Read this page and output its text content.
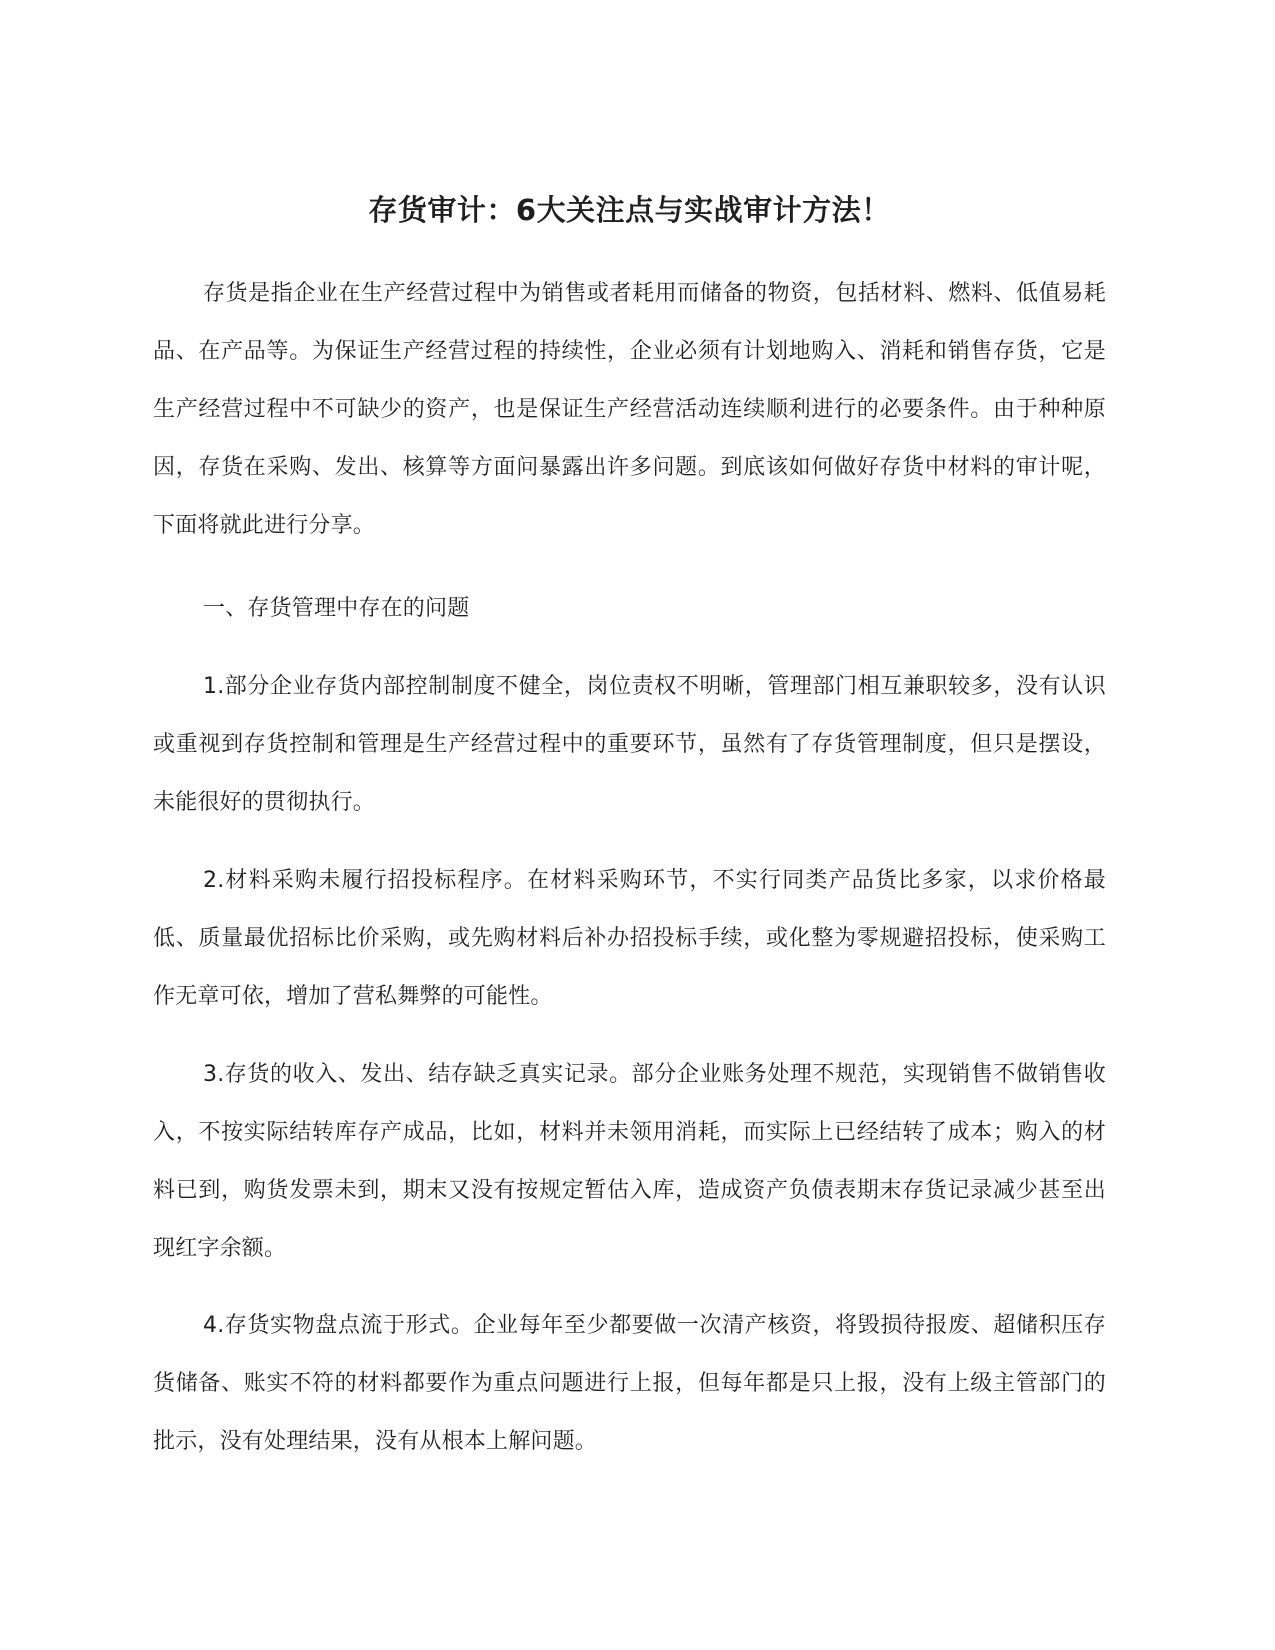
存货审计：6大关注点与实战审计方法！

存货是指企业在生产经营过程中为销售或者耗用而储备的物资，包括材料、燃料、低值易耗品、在产品等。为保证生产经营过程的持续性，企业必须有计划地购入、消耗和销售存货，它是生产经营过程中不可缺少的资产，也是保证生产经营活动连续顺利进行的必要条件。由于种种原因，存货在采购、发出、核算等方面问暴露出许多问题。到底该如何做好存货中材料的审计呢，下面将就此进行分享。

一、存货管理中存在的问题

1.部分企业存货内部控制制度不健全，岗位责权不明晰，管理部门相互兼职较多，没有认识或重视到存货控制和管理是生产经营过程中的重要环节，虽然有了存货管理制度，但只是摆设，未能很好的贯彻执行。

2.材料采购未履行招投标程序。在材料采购环节，不实行同类产品货比多家，以求价格最低、质量最优招标比价采购，或先购材料后补办招投标手续，或化整为零规避招投标，使采购工作无章可依，增加了营私舞弊的可能性。

3.存货的收入、发出、结存缺乏真实记录。部分企业账务处理不规范，实现销售不做销售收入，不按实际结转库存产成品，比如，材料并未领用消耗，而实际上已经结转了成本；购入的材料已到，购货发票未到，期末又没有按规定暂估入库，造成资产负债表期末存货记录减少甚至出现红字余额。

4.存货实物盘点流于形式。企业每年至少都要做一次清产核资，将毁损待报废、超储积压存货储备、账实不符的材料都要作为重点问题进行上报，但每年都是只上报，没有上级主管部门的批示，没有处理结果，没有从根本上解问题。
